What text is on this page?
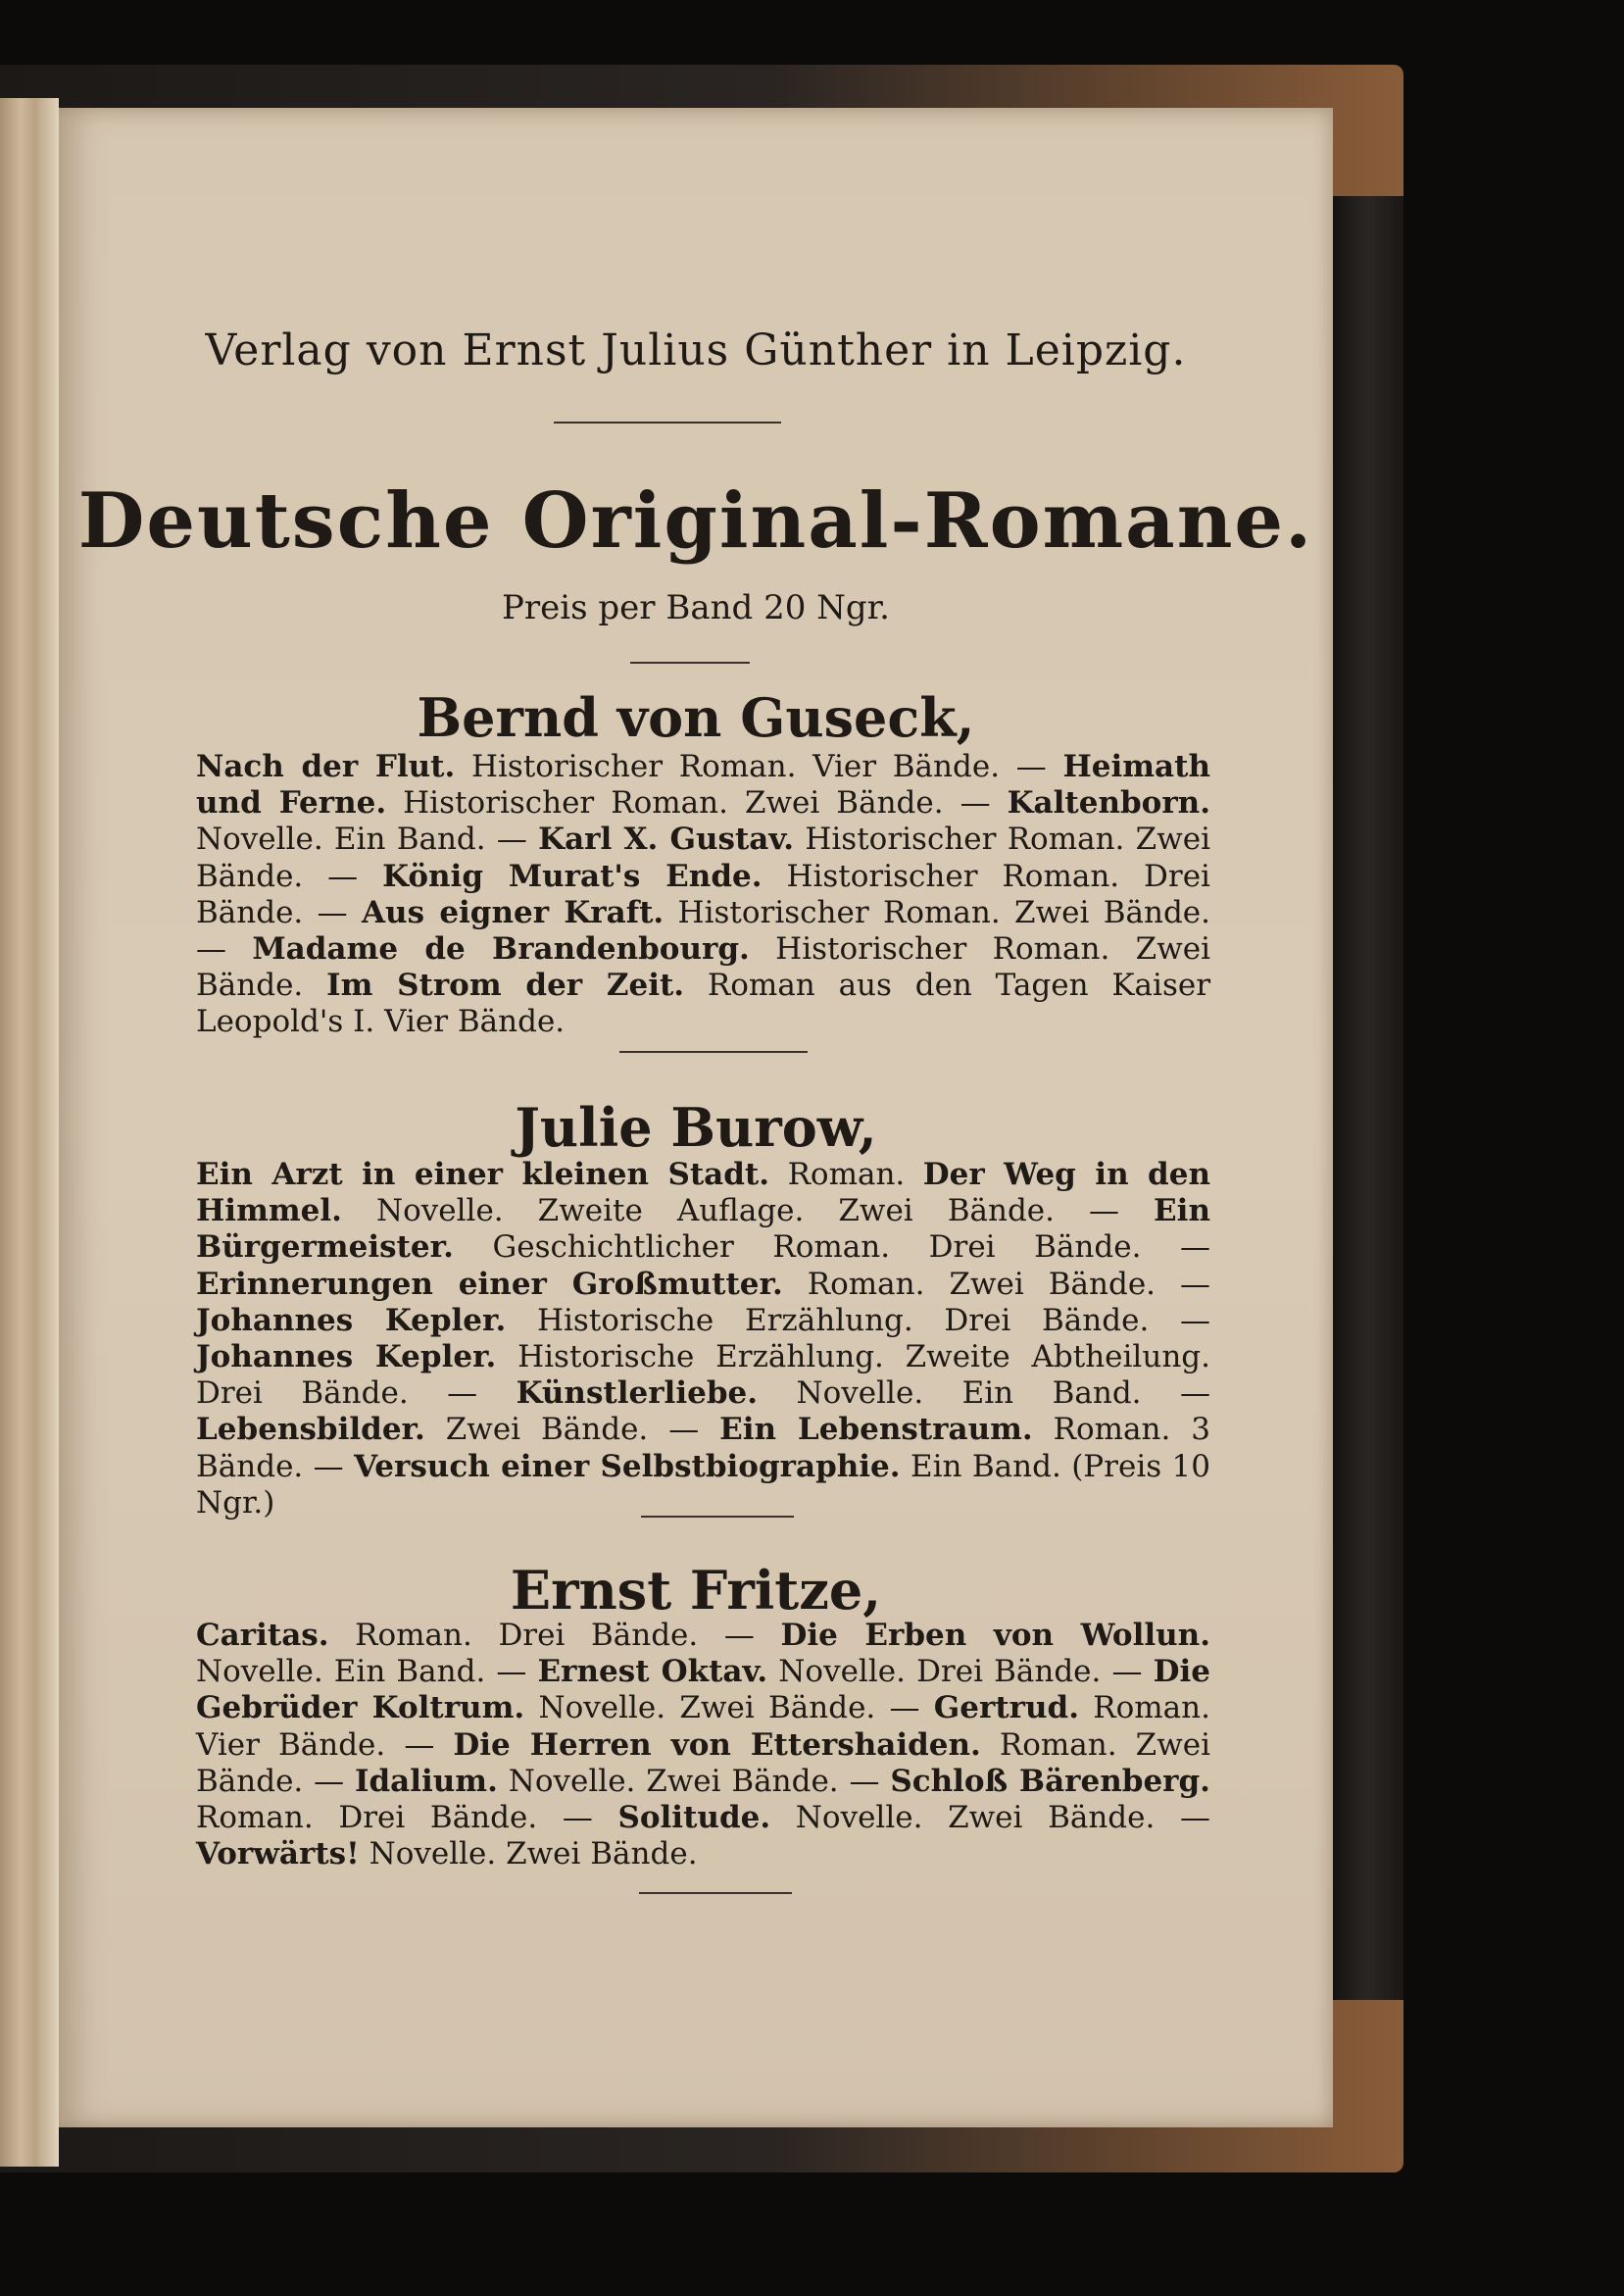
Verlag von Ernst Julius Günther in Leipzig.

Deutsche Original-Romane.

Preis per Band 20 Ngr.

Bernd von Guseck,

Nach der Flut. Historischer Roman. Vier Bände. — Heimath und Ferne. Historischer Roman. Zwei Bände. — Kaltenborn. Novelle. Ein Band. — Karl X. Gustav. Historischer Roman. Zwei Bände. — König Murat's Ende. Historischer Roman. Drei Bände. — Aus eigner Kraft. Historischer Roman. Zwei Bände. — Madame de Brandenbourg. Historischer Roman. Zwei Bände. Im Strom der Zeit. Roman aus den Tagen Kaiser Leopold's I. Vier Bände.

Julie Burow,

Ein Arzt in einer kleinen Stadt. Roman. Der Weg in den Himmel. Novelle. Zweite Auflage. Zwei Bände. — Ein Bürgermeister. Geschichtlicher Roman. Drei Bände. — Erinnerungen einer Großmutter. Roman. Zwei Bände. — Johannes Kepler. Historische Erzählung. Drei Bände. — Johannes Kepler. Historische Erzählung. Zweite Abtheilung. Drei Bände. — Künstlerliebe. Novelle. Ein Band. — Lebensbilder. Zwei Bände. — Ein Lebenstraum. Roman. 3 Bände. — Versuch einer Selbstbiographie. Ein Band. (Preis 10 Ngr.)

Ernst Fritze,

Caritas. Roman. Drei Bände. — Die Erben von Wollun. Novelle. Ein Band. — Ernest Oktav. Novelle. Drei Bände. — Die Gebrüder Koltrum. Novelle. Zwei Bände. — Gertrud. Roman. Vier Bände. — Die Herren von Ettershaiden. Roman. Zwei Bände. — Idalium. Novelle. Zwei Bände. — Schloß Bärenberg. Roman. Drei Bände. — Solitude. Novelle. Zwei Bände. — Vorwärts! Novelle. Zwei Bände.
